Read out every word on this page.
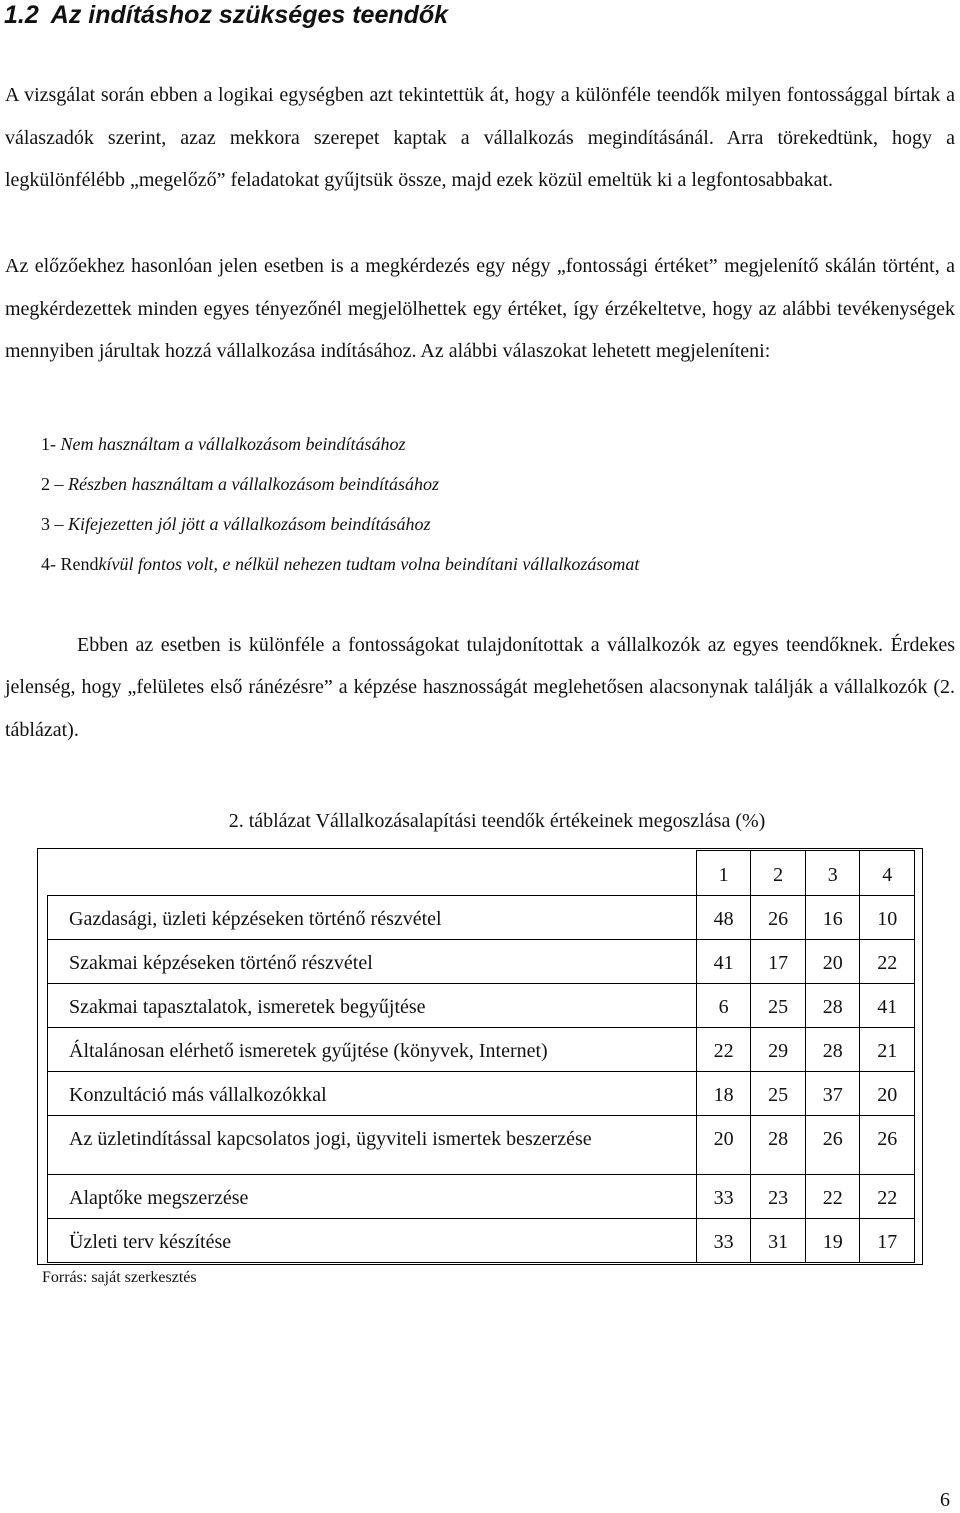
1.2 Az indításhoz szükséges teendők

A vizsgálat során ebben a logikai egységben azt tekintettük át, hogy a különféle teendők milyen fontossággal bírtak a válaszadók szerint, azaz mekkora szerepet kaptak a vállalkozás megindításánál. Arra törekedtünk, hogy a legkülönfélébb „megelőző” feladatokat gyűjtsük össze, majd ezek közül emeltük ki a legfontosabbakat.

Az előzőekhez hasonlóan jelen esetben is a megkérdezés egy négy „fontossági értéket” megjelenítő skálán történt, a megkérdezettek minden egyes tényezőnél megjelölhettek egy értéket, így érzékeltetve, hogy az alábbi tevékenységek mennyiben járultak hozzá vállalkozása indításához. Az alábbi válaszokat lehetett megjeleníteni:

1- Nem használtam a vállalkozásom beindításához
2 – Részben használtam a vállalkozásom beindításához
3 – Kifejezetten jól jött a vállalkozásom beindításához
4- Rendkívül fontos volt, e nélkül nehezen tudtam volna beindítani vállalkozásomat

Ebben az esetben is különféle a fontosságokat tulajdonítottak a vállalkozók az egyes teendőknek. Érdekes jelenség, hogy „felületes első ránézésre” a képzése hasznosságát meglehetősen alacsonynak találják a vállalkozók (2. táblázat).

2. táblázat Vállalkozásalapítási teendők értékeinek megoszlása (%)

	1	2	3	4
Gazdasági, üzleti képzéseken történő részvétel	48	26	16	10
Szakmai képzéseken történő részvétel	41	17	20	22
Szakmai tapasztalatok, ismeretek begyűjtése	6	25	28	41
Általánosan elérhető ismeretek gyűjtése (könyvek, Internet)	22	29	28	21
Konzultáció más vállalkozókkal	18	25	37	20
Az üzletindítással kapcsolatos jogi, ügyviteli ismertek beszerzése	20	28	26	26
Alaptőke megszerzése	33	23	22	22
Üzleti terv készítése	33	31	19	17

Forrás: saját szerkesztés

6
